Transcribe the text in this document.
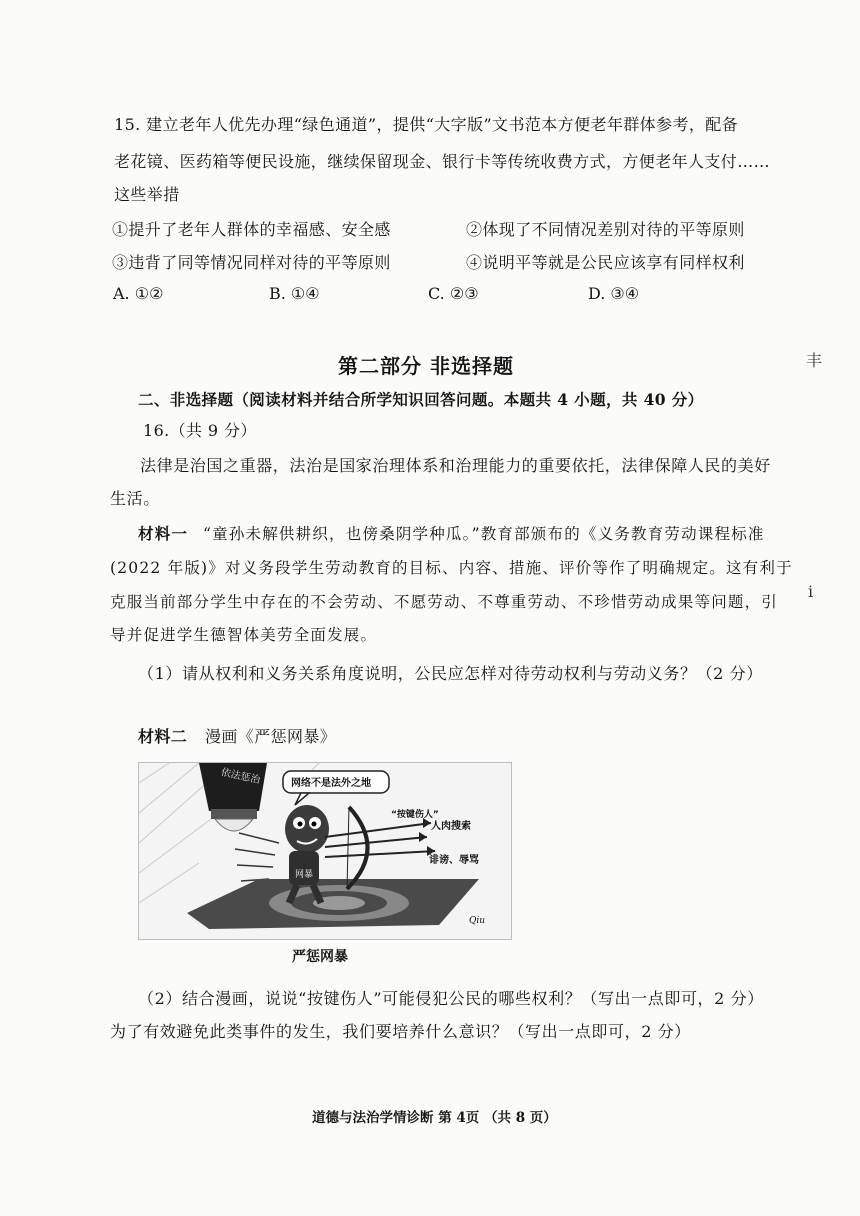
15. 建立老年人优先办理“绿色通道”，提供“大字版”文书范本方便老年群体参考，配备
老花镜、医药箱等便民设施，继续保留现金、银行卡等传统收费方式，方便老年人支付……
这些举措
①提升了老年人群体的幸福感、安全感	②体现了不同情况差别对待的平等原则
③违背了同等情况同样对待的平等原则	④说明平等就是公民应该享有同样权利
A. ①②	B. ①④	C. ②③	D. ③④
第二部分 非选择题
二、非选择题（阅读材料并结合所学知识回答问题。本题共 4 小题，共 40 分）
16.（共 9 分）
法律是治国之重器，法治是国家治理体系和治理能力的重要依托，法律保障人民的美好
生活。
材料一 “童孙未解供耕织，也傍桑阴学种瓜。”教育部颁布的《义务教育劳动课程标准
(2022 年版)》对义务段学生劳动教育的目标、内容、措施、评价等作了明确规定。这有利于
克服当前部分学生中存在的不会劳动、不愿劳动、不尊重劳动、不珍惜劳动成果等问题，引
导并促进学生德智体美劳全面发展。
（1）请从权利和义务关系角度说明，公民应怎样对待劳动权利与劳动义务？（2 分）
材料二 漫画《严惩网暴》
依法惩治	网络不是法外之地
网暴
“按键伤人”
人肉搜索
诽谤、辱骂
Qiu
严惩网暴
（2）结合漫画，说说“按键伤人”可能侵犯公民的哪些权利？（写出一点即可，2 分）
为了有效避免此类事件的发生，我们要培养什么意识？（写出一点即可，2 分）
道德与法治学情诊断 第 4页 （共 8 页）
丰
i
